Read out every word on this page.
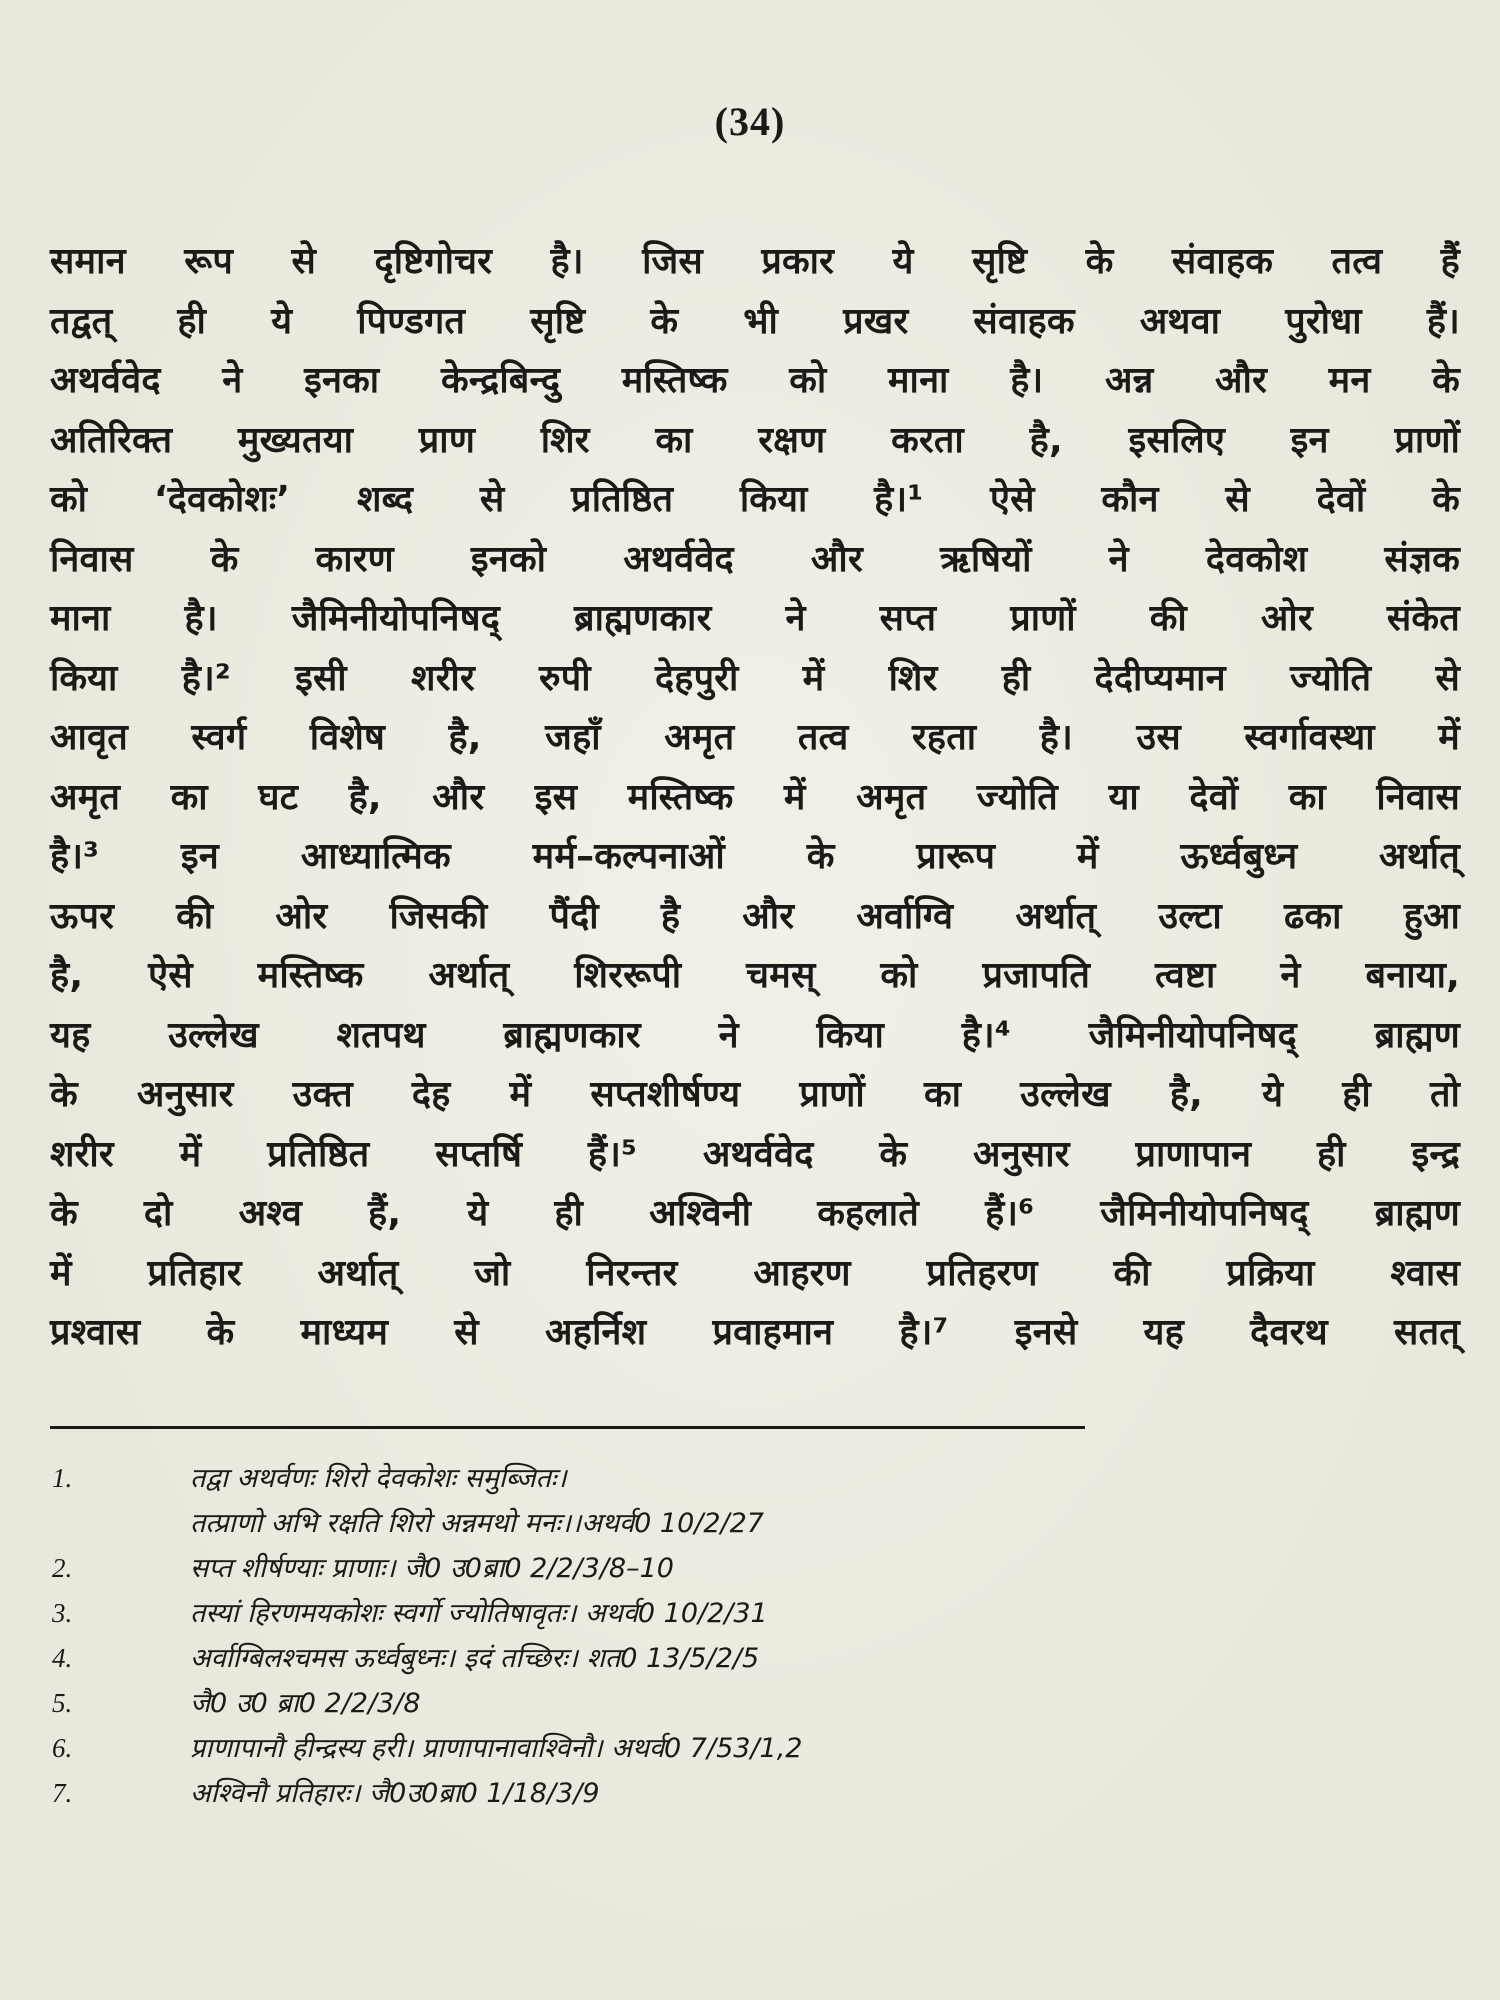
(34)
समान रूप से दृष्टिगोचर है। जिस प्रकार ये सृष्टि के संवाहक तत्व हैं
तद्वत् ही ये पिण्डगत सृष्टि के भी प्रखर संवाहक अथवा पुरोधा हैं।
अथर्ववेद ने इनका केन्द्रबिन्दु मस्तिष्क को माना है। अन्न और मन के
अतिरिक्त मुख्यतया प्राण शिर का रक्षण करता है, इसलिए इन प्राणों
को ‘देवकोशः’ शब्द से प्रतिष्ठित किया है।¹ ऐसे कौन से देवों के
निवास के कारण इनको अथर्ववेद और ऋषियों ने देवकोश संज्ञक
माना है। जैमिनीयोपनिषद् ब्राह्मणकार ने सप्त प्राणों की ओर संकेत
किया है।² इसी शरीर रुपी देहपुरी में शिर ही देदीप्यमान ज्योति से
आवृत स्वर्ग विशेष है, जहाँ अमृत तत्व रहता है। उस स्वर्गावस्था में
अमृत का घट है, और इस मस्तिष्क में अमृत ज्योति या देवों का निवास
है।³ इन आध्यात्मिक मर्म–कल्पनाओं के प्रारूप में ऊर्ध्वबुध्न अर्थात्
ऊपर की ओर जिसकी पैंदी है और अर्वाग्वि अर्थात् उल्टा ढका हुआ
है, ऐसे मस्तिष्क अर्थात् शिररूपी चमस् को प्रजापति त्वष्टा ने बनाया,
यह उल्लेख शतपथ ब्राह्मणकार ने किया है।⁴ जैमिनीयोपनिषद् ब्राह्मण
के अनुसार उक्त देह में सप्तशीर्षण्य प्राणों का उल्लेख है, ये ही तो
शरीर में प्रतिष्ठित सप्तर्षि हैं।⁵ अथर्ववेद के अनुसार प्राणापान ही इन्द्र
के दो अश्व हैं, ये ही अश्विनी कहलाते हैं।⁶ जैमिनीयोपनिषद् ब्राह्मण
में प्रतिहार अर्थात् जो निरन्तर आहरण प्रतिहरण की प्रक्रिया श्वास
प्रश्वास के माध्यम से अहर्निश प्रवाहमान है।⁷ इनसे यह दैवरथ सतत्
1.	तद्वा अथर्वणः शिरो देवकोशः समुब्जितः।
तत्प्राणो अभि रक्षति शिरो अन्नमथो मनः।।अथर्व0 10/2/27
2.	सप्त शीर्षण्याः प्राणाः। जै0 उ0ब्रा0 2/2/3/8–10
3.	तस्यां हिरणमयकोशः स्वर्गो ज्योतिषावृतः। अथर्व0 10/2/31
4.	अर्वाग्बिलश्चमस ऊर्ध्वबुध्नः। इदं तच्छिरः। शत0 13/5/2/5
5.	जै0 उ0 ब्रा0 2/2/3/8
6.	प्राणापानौ हीन्द्रस्य हरी। प्राणापानावाश्विनौ। अथर्व0 7/53/1,2
7.	अश्विनौ प्रतिहारः। जै0उ0ब्रा0 1/18/3/9
